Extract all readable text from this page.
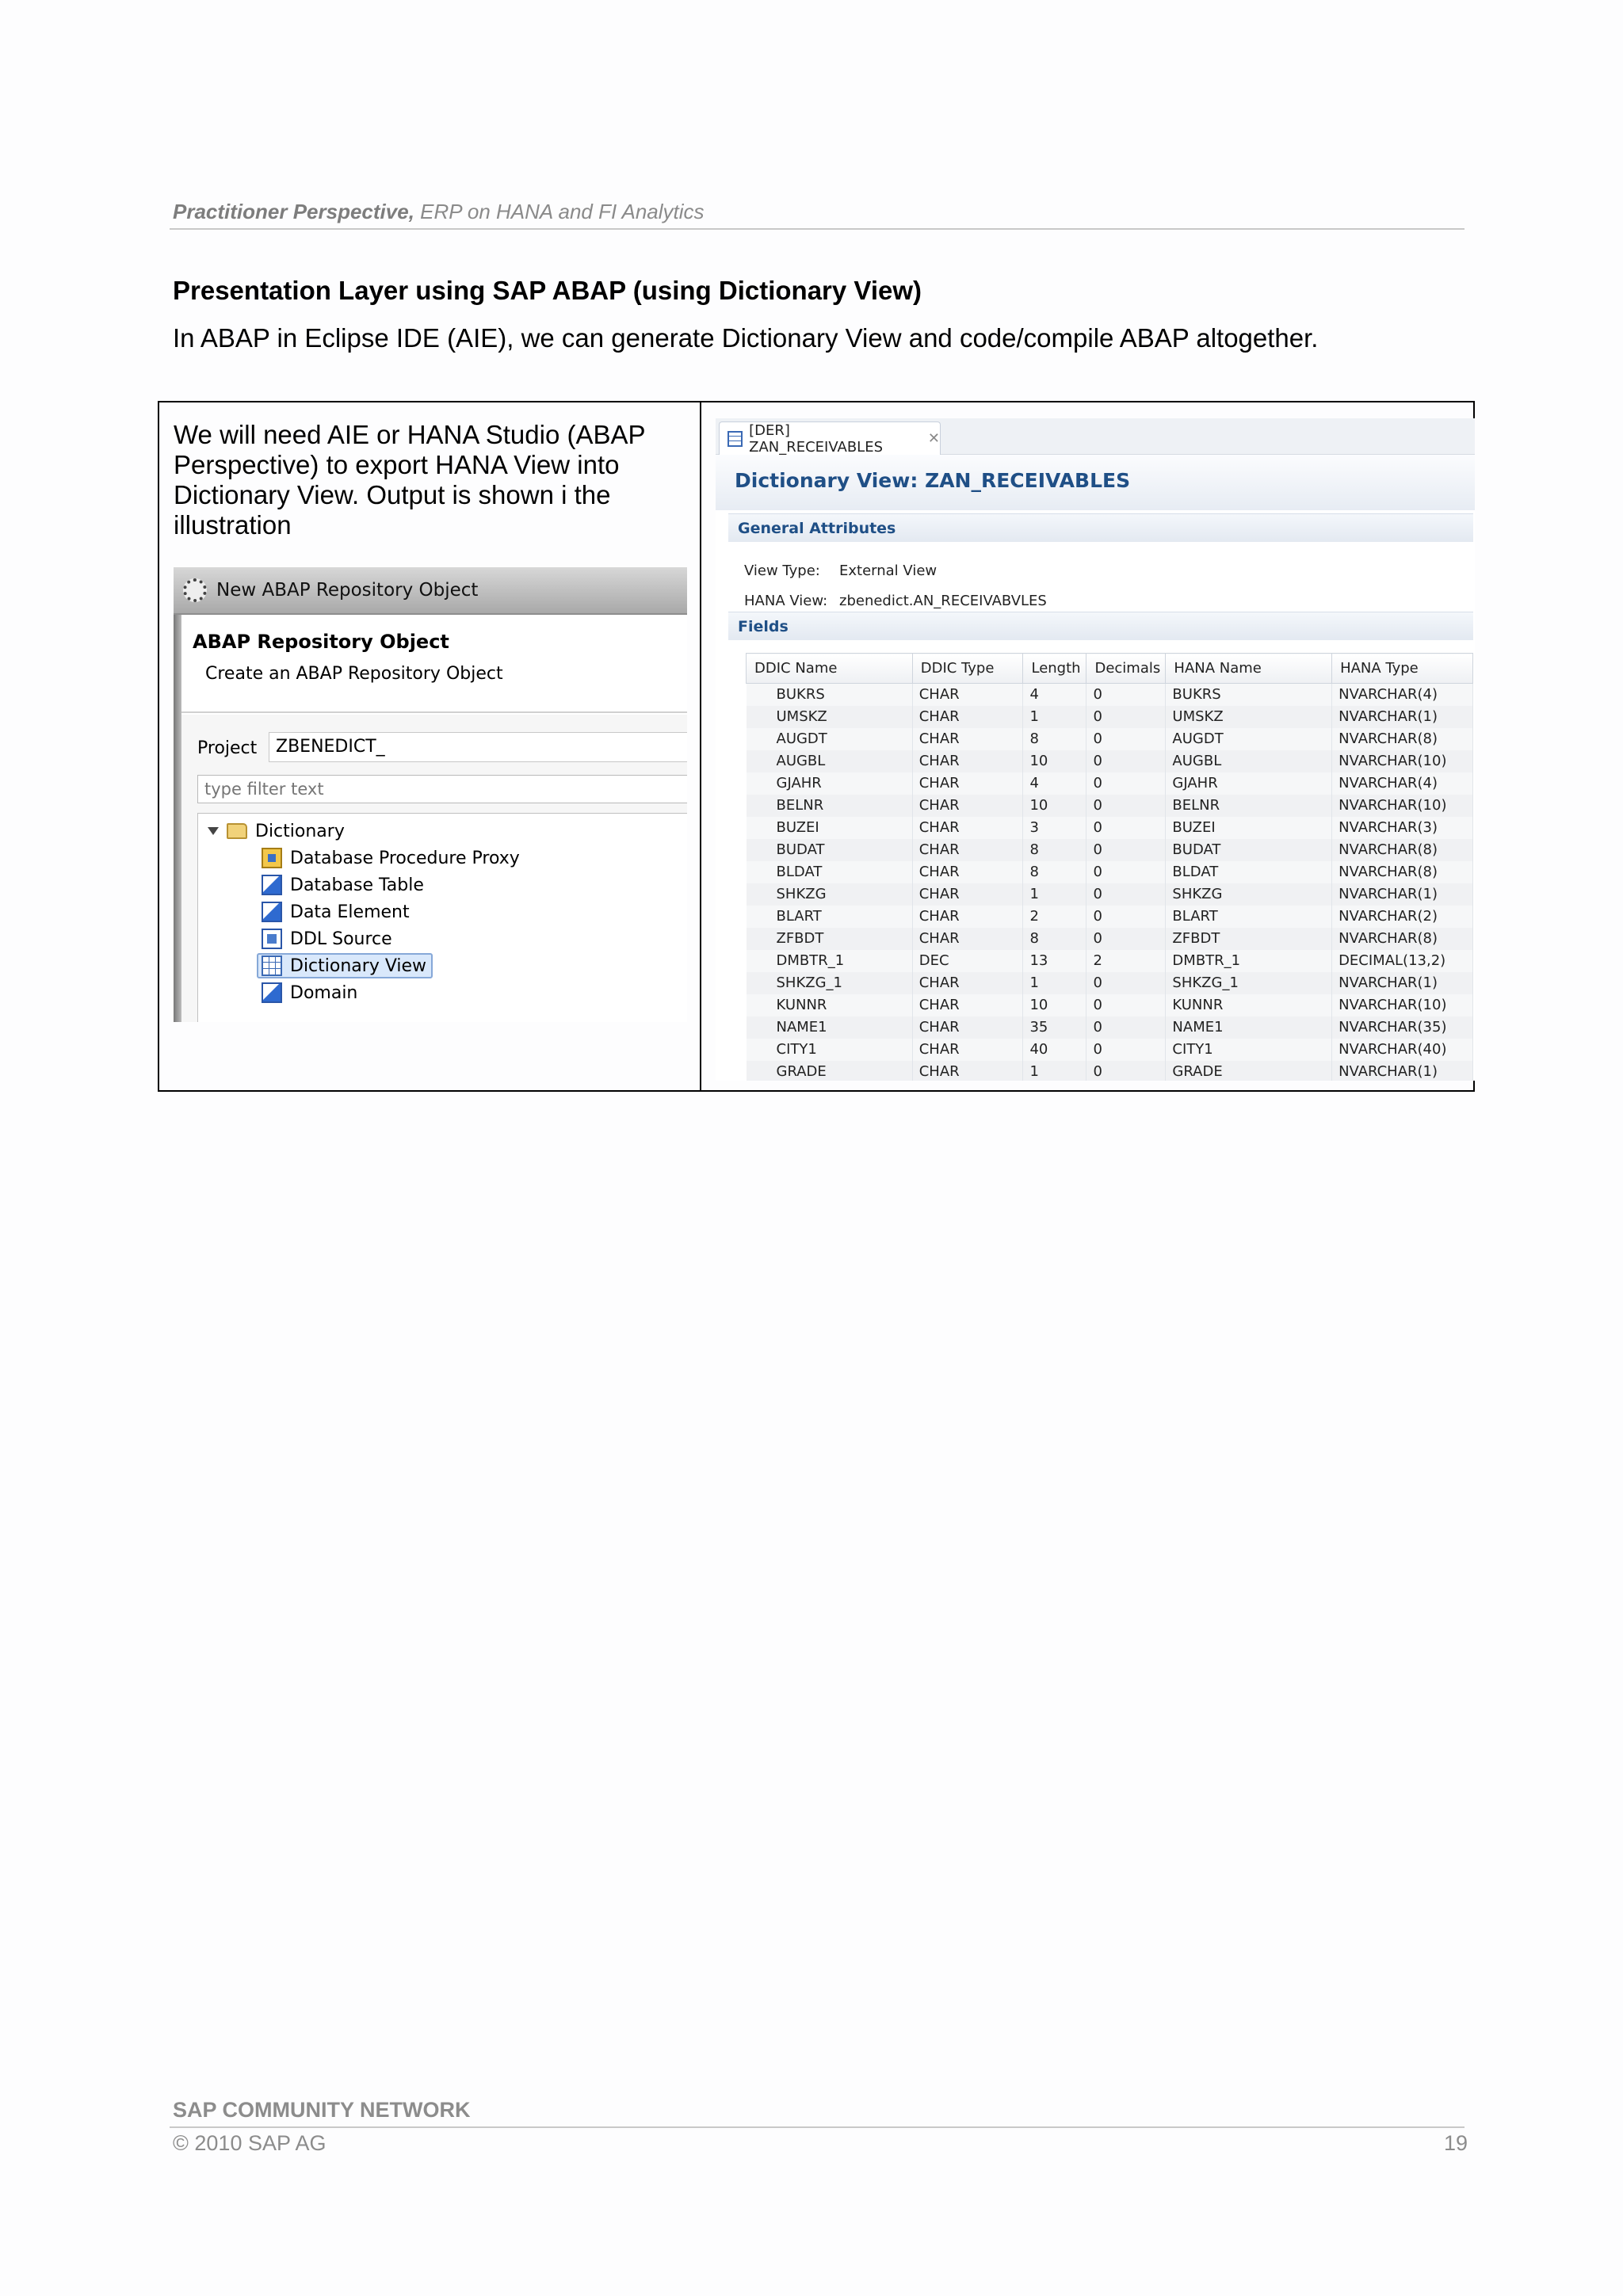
Practitioner Perspective, ERP on HANA and FI Analytics
Presentation Layer using SAP ABAP (using Dictionary View)
In ABAP in Eclipse IDE (AIE), we can generate Dictionary View and code/compile ABAP altogether.
We will need AIE or HANA Studio (ABAP Perspective) to export HANA View into Dictionary View. Output is shown i the illustration
New ABAP Repository Object
ABAP Repository Object
Create an ABAP Repository Object
Project	ZBENEDICT_
type filter text
Dictionary
Database Procedure Proxy
Database Table
Data Element
DDL Source
Dictionary View
Domain
[DER] ZAN_RECEIVABLES	✕
Dictionary View: ZAN_RECEIVABLES
General Attributes
View Type:	External View
HANA View: zbenedict.AN_RECEIVABVLES
Fields
DDIC Name	DDIC Type	Length	Decimals	HANA Name	HANA Type
BUKRS	CHAR	4	0	BUKRS	NVARCHAR(4)
UMSKZ	CHAR	1	0	UMSKZ	NVARCHAR(1)
AUGDT	CHAR	8	0	AUGDT	NVARCHAR(8)
AUGBL	CHAR	10	0	AUGBL	NVARCHAR(10)
GJAHR	CHAR	4	0	GJAHR	NVARCHAR(4)
BELNR	CHAR	10	0	BELNR	NVARCHAR(10)
BUZEI	CHAR	3	0	BUZEI	NVARCHAR(3)
BUDAT	CHAR	8	0	BUDAT	NVARCHAR(8)
BLDAT	CHAR	8	0	BLDAT	NVARCHAR(8)
SHKZG	CHAR	1	0	SHKZG	NVARCHAR(1)
BLART	CHAR	2	0	BLART	NVARCHAR(2)
ZFBDT	CHAR	8	0	ZFBDT	NVARCHAR(8)
DMBTR_1	DEC	13	2	DMBTR_1	DECIMAL(13,2)
SHKZG_1	CHAR	1	0	SHKZG_1	NVARCHAR(1)
KUNNR	CHAR	10	0	KUNNR	NVARCHAR(10)
NAME1	CHAR	35	0	NAME1	NVARCHAR(35)
CITY1	CHAR	40	0	CITY1	NVARCHAR(40)
GRADE	CHAR	1	0	GRADE	NVARCHAR(1)
SAP COMMUNITY NETWORK
© 2010 SAP AG	19
